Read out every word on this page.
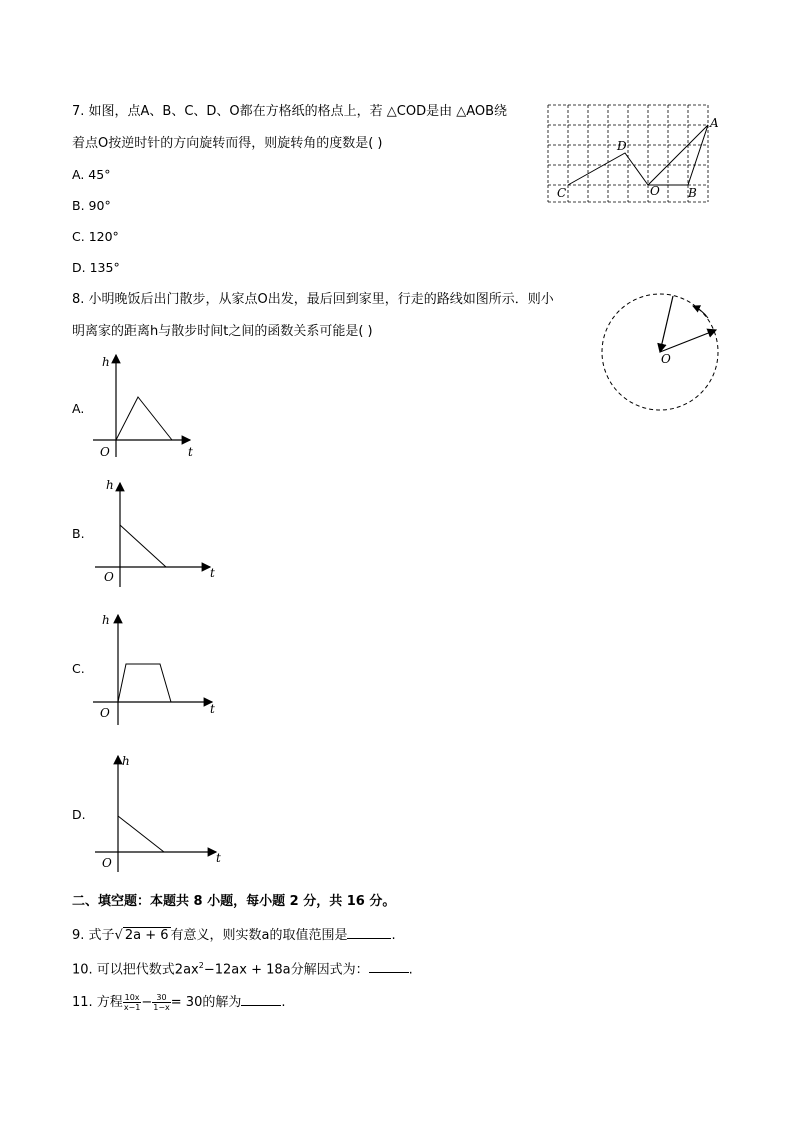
7. 如图，点A、B、C、D、O都在方格纸的格点上，若 △COD是由 △AOB绕
着点O按逆时针的方向旋转而得，则旋转角的度数是( )
A. 45°
B. 90°
C. 120°
D. 135°
A
B
C
D
O
8. 小明晚饭后出门散步，从家点O出发，最后回到家里，行走的路线如图所示．则小
明离家的距离h与散步时间t之间的函数关系可能是( )
O
A.
h
t
O
B.
h
t
O
C.
h
t
O
D.
h
t
O
二、填空题：本题共 8 小题，每小题 2 分，共 16 分。
9. 式子√ 2a + 6 有意义，则实数a的取值范围是	.
10. 可以把代数式$2ax^2-12ax + 18a$分解因式为：	.
11. 方程 $\frac{10x}{x-1} - \frac{30}{1-x} = 30$的解为	.
